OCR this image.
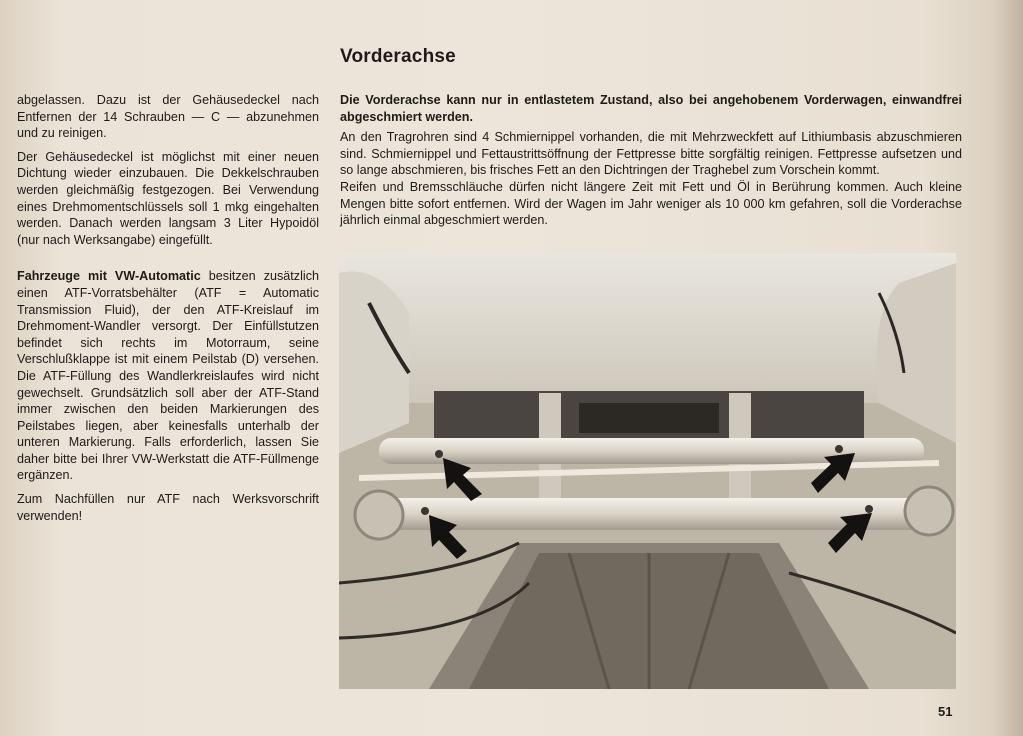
abgelassen. Dazu ist der Gehäusedeckel nach Entfernen der 14 Schrauben — C — abzunehmen und zu reinigen.

Der Gehäusedeckel ist möglichst mit einer neuen Dichtung wieder einzubauen. Die Dekkelschrauben werden gleichmäßig festgezogen. Bei Verwendung eines Drehmomentschlüssels soll 1 mkg eingehalten werden. Danach werden langsam 3 Liter Hypoidöl (nur nach Werksangabe) eingefüllt.

Fahrzeuge mit VW-Automatic besitzen zusätzlich einen ATF-Vorratsbehälter (ATF = Automatic Transmission Fluid), der den ATF-Kreislauf im Drehmoment-Wandler versorgt. Der Einfüllstutzen befindet sich rechts im Motorraum, seine Verschlußklappe ist mit einem Peilstab (D) versehen. Die ATF-Füllung des Wandlerkreislaufes wird nicht gewechselt. Grundsätzlich soll aber der ATF-Stand immer zwischen den beiden Markierungen des Peilstabes liegen, aber keinesfalls unterhalb der unteren Markierung. Falls erforderlich, lassen Sie daher bitte bei Ihrer VW-Werkstatt die ATF-Füllmenge ergänzen.

Zum Nachfüllen nur ATF nach Werksvorschrift verwenden!

Vorderachse

Die Vorderachse kann nur in entlastetem Zustand, also bei angehobenem Vorderwagen, einwandfrei abgeschmiert werden.

An den Tragrohren sind 4 Schmiernippel vorhanden, die mit Mehrzweckfett auf Lithiumbasis abzuschmieren sind. Schmiernippel und Fettaustrittsöffnung der Fettpresse bitte sorgfältig reinigen. Fettpresse aufsetzen und so lange abschmieren, bis frisches Fett an den Dichtringen der Traghebel zum Vorschein kommt.

Reifen und Bremsschläuche dürfen nicht längere Zeit mit Fett und Öl in Berührung kommen. Auch kleine Mengen bitte sofort entfernen. Wird der Wagen im Jahr weniger als 10 000 km gefahren, soll die Vorderachse jährlich einmal abgeschmiert werden.

51
